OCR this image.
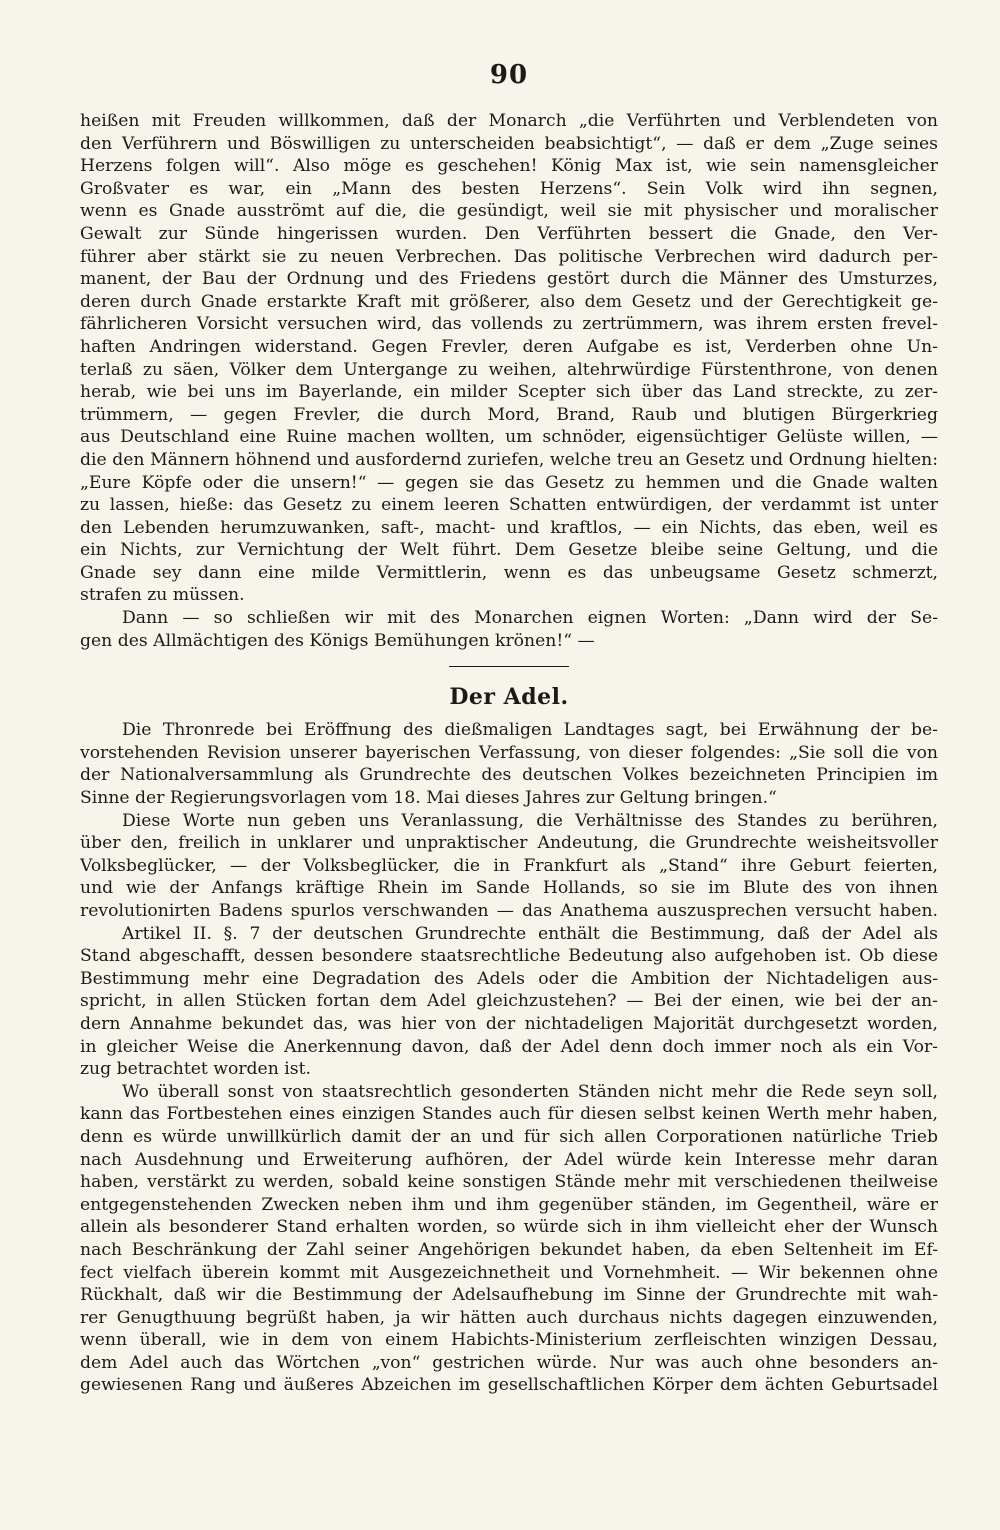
90
heißen mit Freuden willkommen, daß der Monarch „die Verführten und Verblendeten von
den Verführern und Böswilligen zu unterscheiden beabsichtigt“, — daß er dem „Zuge seines
Herzens folgen will“. Also möge es geschehen! König Max ist, wie sein namensgleicher
Großvater es war, ein „Mann des besten Herzens“. Sein Volk wird ihn segnen,
wenn es Gnade ausströmt auf die, die gesündigt, weil sie mit physischer und moralischer
Gewalt zur Sünde hingerissen wurden. Den Verführten bessert die Gnade, den Ver-
führer aber stärkt sie zu neuen Verbrechen. Das politische Verbrechen wird dadurch per-
manent, der Bau der Ordnung und des Friedens gestört durch die Männer des Umsturzes,
deren durch Gnade erstarkte Kraft mit größerer, also dem Gesetz und der Gerechtigkeit ge-
fährlicheren Vorsicht versuchen wird, das vollends zu zertrümmern, was ihrem ersten frevel-
haften Andringen widerstand. Gegen Frevler, deren Aufgabe es ist, Verderben ohne Un-
terlaß zu säen, Völker dem Untergange zu weihen, altehrwürdige Fürstenthrone, von denen
herab, wie bei uns im Bayerlande, ein milder Scepter sich über das Land streckte, zu zer-
trümmern, — gegen Frevler, die durch Mord, Brand, Raub und blutigen Bürgerkrieg
aus Deutschland eine Ruine machen wollten, um schnöder, eigensüchtiger Gelüste willen, —
die den Männern höhnend und ausfordernd zuriefen, welche treu an Gesetz und Ordnung hielten:
„Eure Köpfe oder die unsern!“ — gegen sie das Gesetz zu hemmen und die Gnade walten
zu lassen, hieße: das Gesetz zu einem leeren Schatten entwürdigen, der verdammt ist unter
den Lebenden herumzuwanken, saft-, macht- und kraftlos, — ein Nichts, das eben, weil es
ein Nichts, zur Vernichtung der Welt führt. Dem Gesetze bleibe seine Geltung, und die
Gnade sey dann eine milde Vermittlerin, wenn es das unbeugsame Gesetz schmerzt,
strafen zu müssen.
Dann — so schließen wir mit des Monarchen eignen Worten: „Dann wird der Se-
gen des Allmächtigen des Königs Bemühungen krönen!“ —
Der Adel.
Die Thronrede bei Eröffnung des dießmaligen Landtages sagt, bei Erwähnung der be-
vorstehenden Revision unserer bayerischen Verfassung, von dieser folgendes: „Sie soll die von
der Nationalversammlung als Grundrechte des deutschen Volkes bezeichneten Principien im
Sinne der Regierungsvorlagen vom 18. Mai dieses Jahres zur Geltung bringen.“
Diese Worte nun geben uns Veranlassung, die Verhältnisse des Standes zu berühren,
über den, freilich in unklarer und unpraktischer Andeutung, die Grundrechte weisheitsvoller
Volksbeglücker, — der Volksbeglücker, die in Frankfurt als „Stand“ ihre Geburt feierten,
und wie der Anfangs kräftige Rhein im Sande Hollands, so sie im Blute des von ihnen
revolutionirten Badens spurlos verschwanden — das Anathema auszusprechen versucht haben.
Artikel II. §. 7 der deutschen Grundrechte enthält die Bestimmung, daß der Adel als
Stand abgeschafft, dessen besondere staatsrechtliche Bedeutung also aufgehoben ist. Ob diese
Bestimmung mehr eine Degradation des Adels oder die Ambition der Nichtadeligen aus-
spricht, in allen Stücken fortan dem Adel gleichzustehen? — Bei der einen, wie bei der an-
dern Annahme bekundet das, was hier von der nichtadeligen Majorität durchgesetzt worden,
in gleicher Weise die Anerkennung davon, daß der Adel denn doch immer noch als ein Vor-
zug betrachtet worden ist.
Wo überall sonst von staatsrechtlich gesonderten Ständen nicht mehr die Rede seyn soll,
kann das Fortbestehen eines einzigen Standes auch für diesen selbst keinen Werth mehr haben,
denn es würde unwillkürlich damit der an und für sich allen Corporationen natürliche Trieb
nach Ausdehnung und Erweiterung aufhören, der Adel würde kein Interesse mehr daran
haben, verstärkt zu werden, sobald keine sonstigen Stände mehr mit verschiedenen theilweise
entgegenstehenden Zwecken neben ihm und ihm gegenüber ständen, im Gegentheil, wäre er
allein als besonderer Stand erhalten worden, so würde sich in ihm vielleicht eher der Wunsch
nach Beschränkung der Zahl seiner Angehörigen bekundet haben, da eben Seltenheit im Ef-
fect vielfach überein kommt mit Ausgezeichnetheit und Vornehmheit. — Wir bekennen ohne
Rückhalt, daß wir die Bestimmung der Adelsaufhebung im Sinne der Grundrechte mit wah-
rer Genugthuung begrüßt haben, ja wir hätten auch durchaus nichts dagegen einzuwenden,
wenn überall, wie in dem von einem Habichts-Ministerium zerfleischten winzigen Dessau,
dem Adel auch das Wörtchen „von“ gestrichen würde. Nur was auch ohne besonders an-
gewiesenen Rang und äußeres Abzeichen im gesellschaftlichen Körper dem ächten Geburtsadel
